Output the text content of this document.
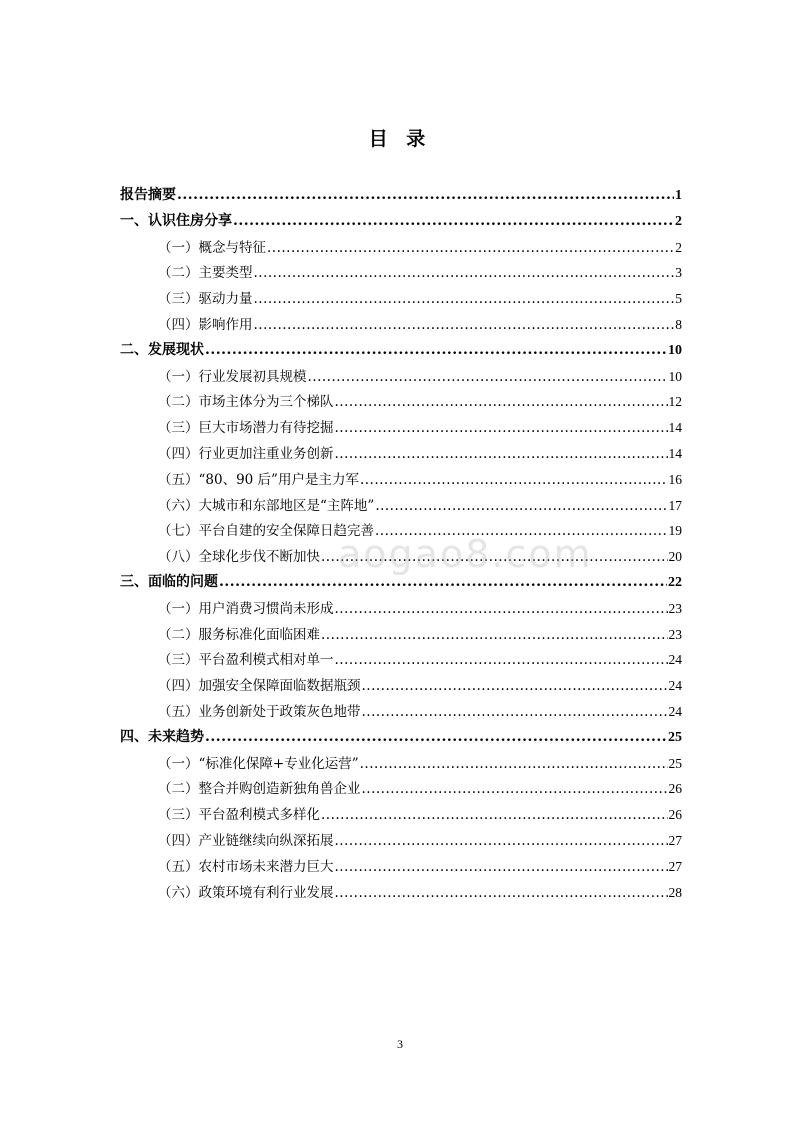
目 录
报告摘要 .....	1
一、认识住房分享 .....	2
（一）概念与特征 .....	2
（二）主要类型 .....	3
（三）驱动力量 .....	5
（四）影响作用 .....	8
二、发展现状 .....	10
（一）行业发展初具规模 .....	10
（二）市场主体分为三个梯队 .....	12
（三）巨大市场潜力有待挖掘 .....	14
（四）行业更加注重业务创新 .....	14
（五）“80、90 后”用户是主力军 .....	16
（六）大城市和东部地区是“主阵地” .....	17
（七）平台自建的安全保障日趋完善 .....	19
（八）全球化步伐不断加快 .....	20
三、面临的问题 .....	22
（一）用户消费习惯尚未形成 .....	23
（二）服务标准化面临困难 .....	23
（三）平台盈利模式相对单一 .....	24
（四）加强安全保障面临数据瓶颈 .....	24
（五）业务创新处于政策灰色地带 .....	24
四、未来趋势 .....	25
（一）“标准化保障+专业化运营” .....	25
（二）整合并购创造新独角兽企业 .....	26
（三）平台盈利模式多样化 .....	26
（四）产业链继续向纵深拓展 .....	27
（五）农村市场未来潜力巨大 .....	27
（六）政策环境有利行业发展 .....	28
aogao8.com
3
